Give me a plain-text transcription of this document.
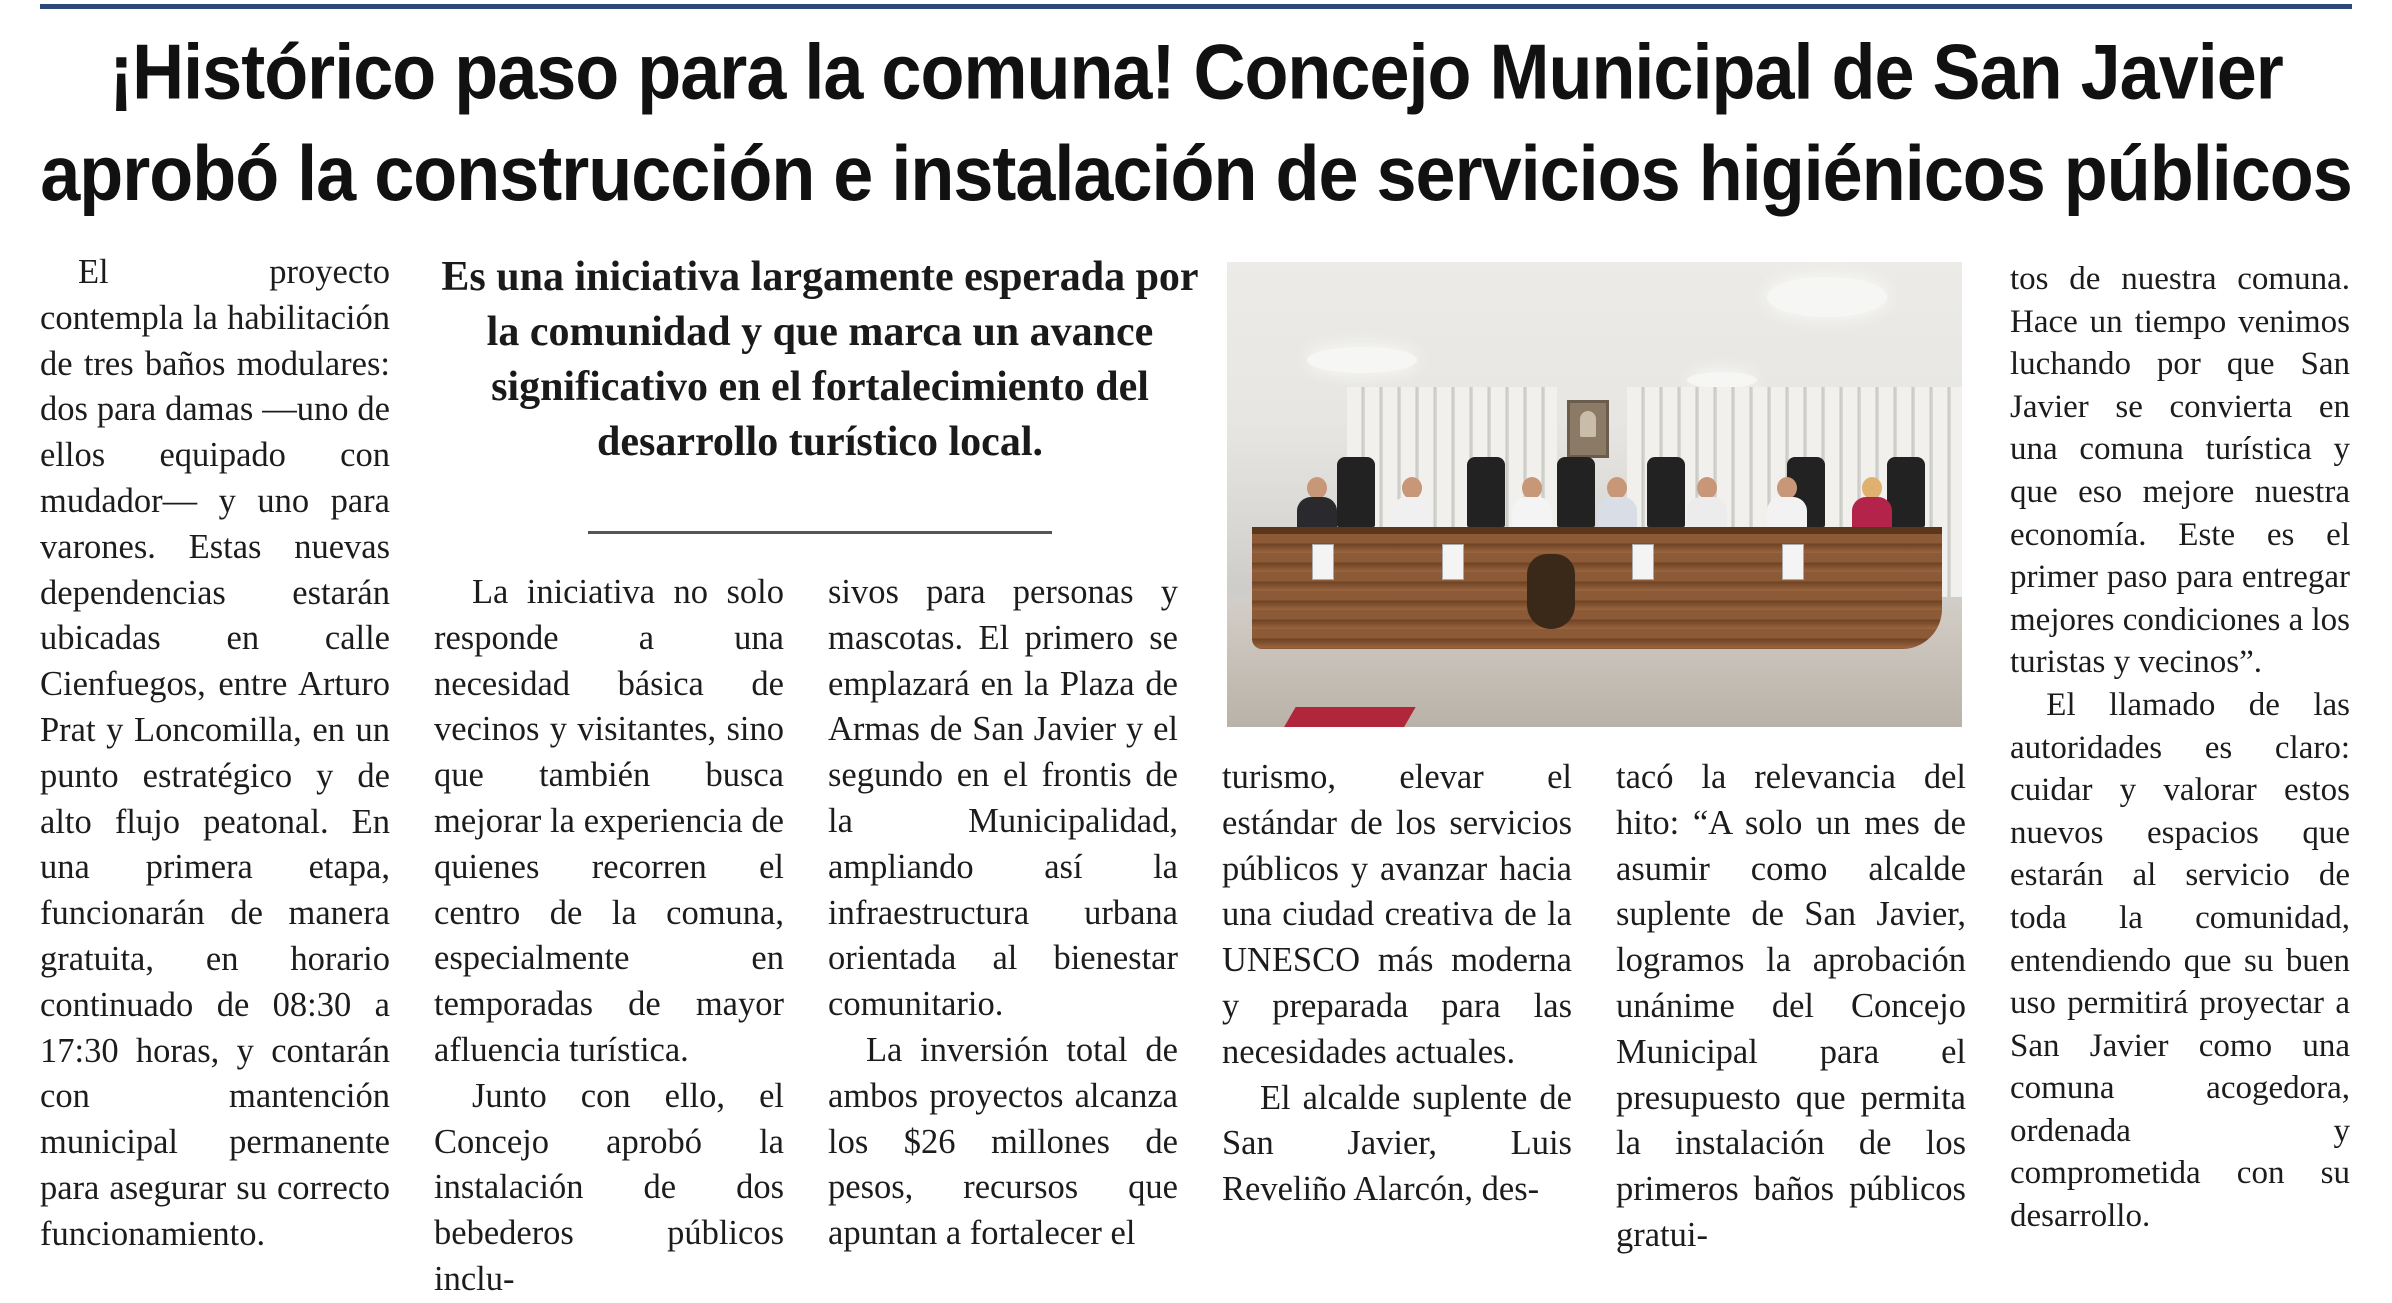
¡Histórico paso para la comuna! Concejo Municipal de San Javier
aprobó la construcción e instalación de servicios higiénicos públicos

El proyecto contempla la habilitación de tres baños modulares: dos para damas —uno de ellos equipado con mudador— y uno para varones. Estas nuevas dependencias estarán ubicadas en calle Cienfuegos, entre Arturo Prat y Loncomilla, en un punto estratégico y de alto flujo peatonal. En una primera etapa, funcionarán de manera gratuita, en horario continuado de 08:30 a 17:30 horas, y contarán con mantención municipal permanente para asegurar su correcto funcionamiento.

Es una iniciativa largamente esperada por la comunidad y que marca un avance significativo en el fortalecimiento del desarrollo turístico local.

La iniciativa no solo responde a una necesidad básica de vecinos y visitantes, sino que también busca mejorar la experiencia de quienes recorren el centro de la comuna, especialmente en temporadas de mayor afluencia turística.

Junto con ello, el Concejo aprobó la instalación de dos bebederos públicos inclu-

sivos para personas y mascotas. El primero se emplazará en la Plaza de Armas de San Javier y el segundo en el frontis de la Municipalidad, ampliando así la infraestructura urbana orientada al bienestar comunitario.

La inversión total de ambos proyectos alcanza los $26 millones de pesos, recursos que apuntan a fortalecer el

turismo, elevar el estándar de los servicios públicos y avanzar hacia una ciudad creativa de la UNESCO más moderna y preparada para las necesidades actuales.

El alcalde suplente de San Javier, Luis Reveliño Alarcón, des-

tacó la relevancia del hito: “A solo un mes de asumir como alcalde suplente de San Javier, logramos la aprobación unánime del Concejo Municipal para el presupuesto que permita la instalación de los primeros baños públicos gratui-

tos de nuestra comuna. Hace un tiempo venimos luchando por que San Javier se convierta en una comuna turística y que eso mejore nuestra economía. Este es el primer paso para entregar mejores condiciones a los turistas y vecinos”.

El llamado de las autoridades es claro: cuidar y valorar estos nuevos espacios que estarán al servicio de toda la comunidad, entendiendo que su buen uso permitirá proyectar a San Javier como una comuna acogedora, ordenada y comprometida con su desarrollo.
